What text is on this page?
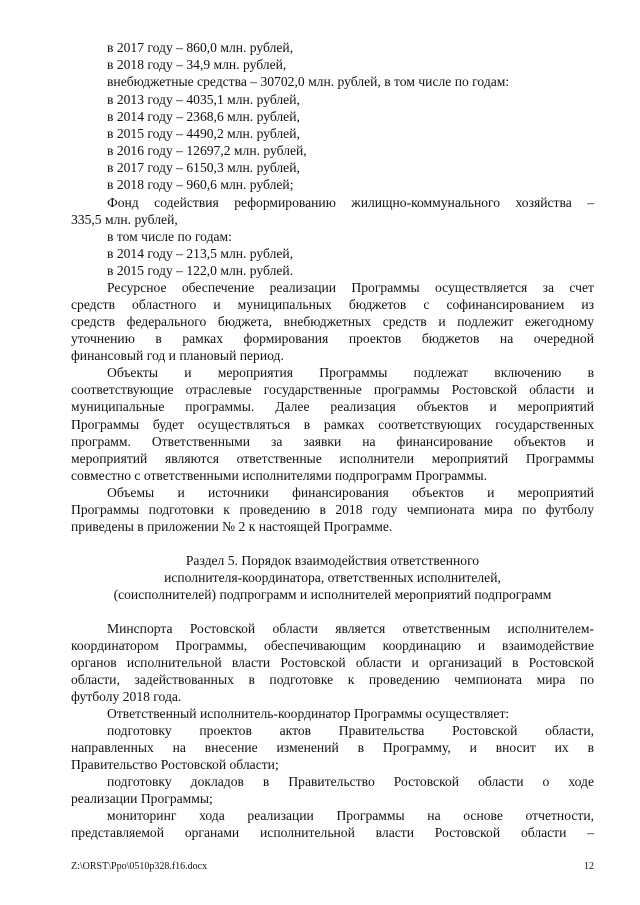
в 2017 году – 860,0 млн. рублей,
в 2018 году – 34,9 млн. рублей,
внебюджетные средства – 30702,0 млн. рублей, в том числе по годам:
в 2013 году – 4035,1 млн. рублей,
в 2014 году – 2368,6 млн. рублей,
в 2015 году – 4490,2 млн. рублей,
в 2016 году – 12697,2 млн. рублей,
в 2017 году – 6150,3 млн. рублей,
в 2018 году – 960,6 млн. рублей;
Фонд содействия реформированию жилищно-коммунального хозяйства –
335,5 млн. рублей,
в том числе по годам:
в 2014 году – 213,5 млн. рублей,
в 2015 году – 122,0 млн. рублей.
Ресурсное обеспечение реализации Программы осуществляется за счет
средств областного и муниципальных бюджетов с софинансированием из
средств федерального бюджета, внебюджетных средств и подлежит ежегодному
уточнению в рамках формирования проектов бюджетов на очередной
финансовый год и плановый период.
Объекты и мероприятия Программы подлежат включению в
соответствующие отраслевые государственные программы Ростовской области и
муниципальные программы. Далее реализация объектов и мероприятий
Программы будет осуществляться в рамках соответствующих государственных
программ. Ответственными за заявки на финансирование объектов и
мероприятий являются ответственные исполнители мероприятий Программы
совместно с ответственными исполнителями подпрограмм Программы.
Объемы и источники финансирования объектов и мероприятий
Программы подготовки к проведению в 2018 году чемпионата мира по футболу
приведены в приложении № 2 к настоящей Программе.
Раздел 5. Порядок взаимодействия ответственного
исполнителя-координатора, ответственных исполнителей,
(соисполнителей) подпрограмм и исполнителей мероприятий подпрограмм
Минспорта Ростовской области является ответственным исполнителем-
координатором Программы, обеспечивающим координацию и взаимодействие
органов исполнительной власти Ростовской области и организаций в Ростовской
области, задействованных в подготовке к проведению чемпионата мира по
футболу 2018 года.
Ответственный исполнитель-координатор Программы осуществляет:
подготовку проектов актов Правительства Ростовской области,
направленных на внесение изменений в Программу, и вносит их в
Правительство Ростовской области;
подготовку докладов в Правительство Ростовской области о ходе
реализации Программы;
мониторинг хода реализации Программы на основе отчетности,
представляемой органами исполнительной власти Ростовской области –
Z:\ORST\Ppo\0510p328.f16.docx	12
